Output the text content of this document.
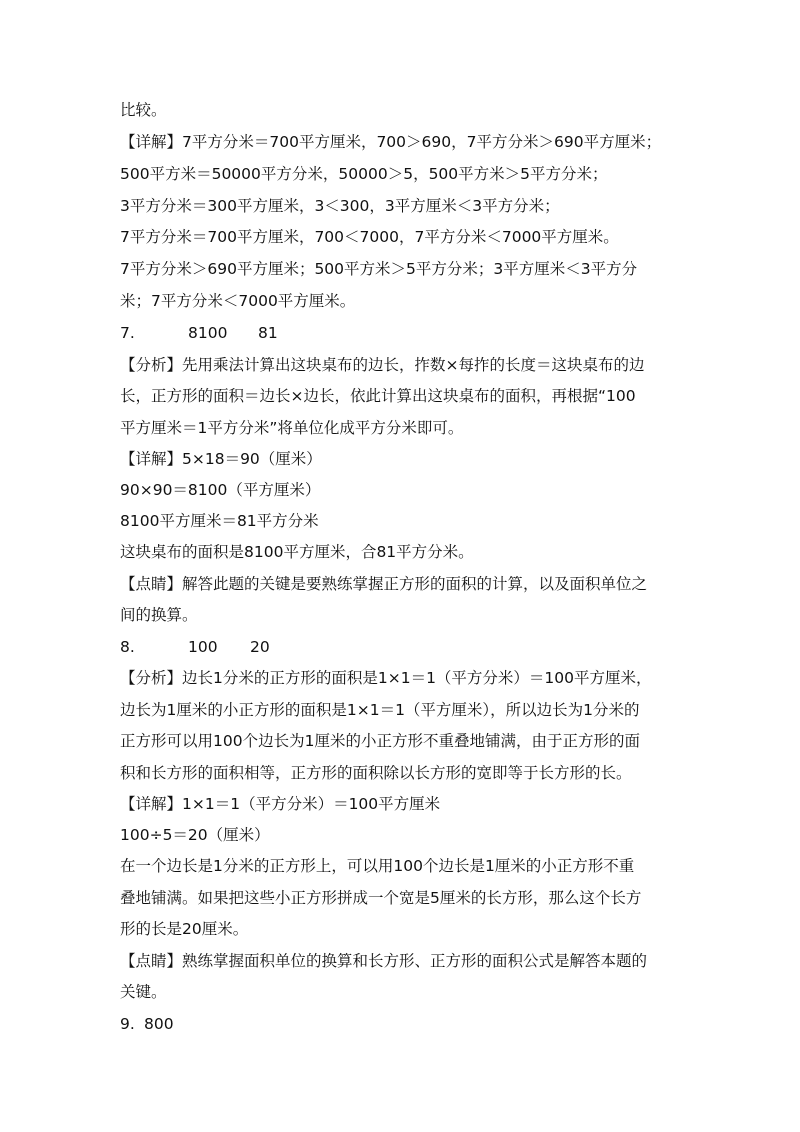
比较。
【详解】7平方分米＝700平方厘米，700＞690，7平方分米＞690平方厘米；
500平方米＝50000平方分米，50000＞5，500平方米＞5平方分米；
3平方分米＝300平方厘米，3＜300，3平方厘米＜3平方分米；
7平方分米＝700平方厘米，700＜7000，7平方分米＜7000平方厘米。
7平方分米＞690平方厘米；500平方米＞5平方分米；3平方厘米＜3平方分
米；7平方分米＜7000平方厘米。
7.	8100 81
【分析】先用乘法计算出这块桌布的边长，拃数×每拃的长度＝这块桌布的边
长，正方形的面积＝边长×边长，依此计算出这块桌布的面积，再根据“100
平方厘米＝1平方分米”将单位化成平方分米即可。
【详解】5×18＝90（厘米）
90×90＝8100（平方厘米）
8100平方厘米＝81平方分米
这块桌布的面积是8100平方厘米，合81平方分米。
【点睛】解答此题的关键是要熟练掌握正方形的面积的计算，以及面积单位之
间的换算。
8.	100 20
【分析】边长1分米的正方形的面积是1×1＝1（平方分米）＝100平方厘米，
边长为1厘米的小正方形的面积是1×1＝1（平方厘米），所以边长为1分米的
正方形可以用100个边长为1厘米的小正方形不重叠地铺满，由于正方形的面
积和长方形的面积相等，正方形的面积除以长方形的宽即等于长方形的长。
【详解】1×1＝1（平方分米）＝100平方厘米
100÷5＝20（厘米）
在一个边长是1分米的正方形上，可以用100个边长是1厘米的小正方形不重
叠地铺满。如果把这些小正方形拼成一个宽是5厘米的长方形，那么这个长方
形的长是20厘米。
【点睛】熟练掌握面积单位的换算和长方形、正方形的面积公式是解答本题的
关键。
9. 800
